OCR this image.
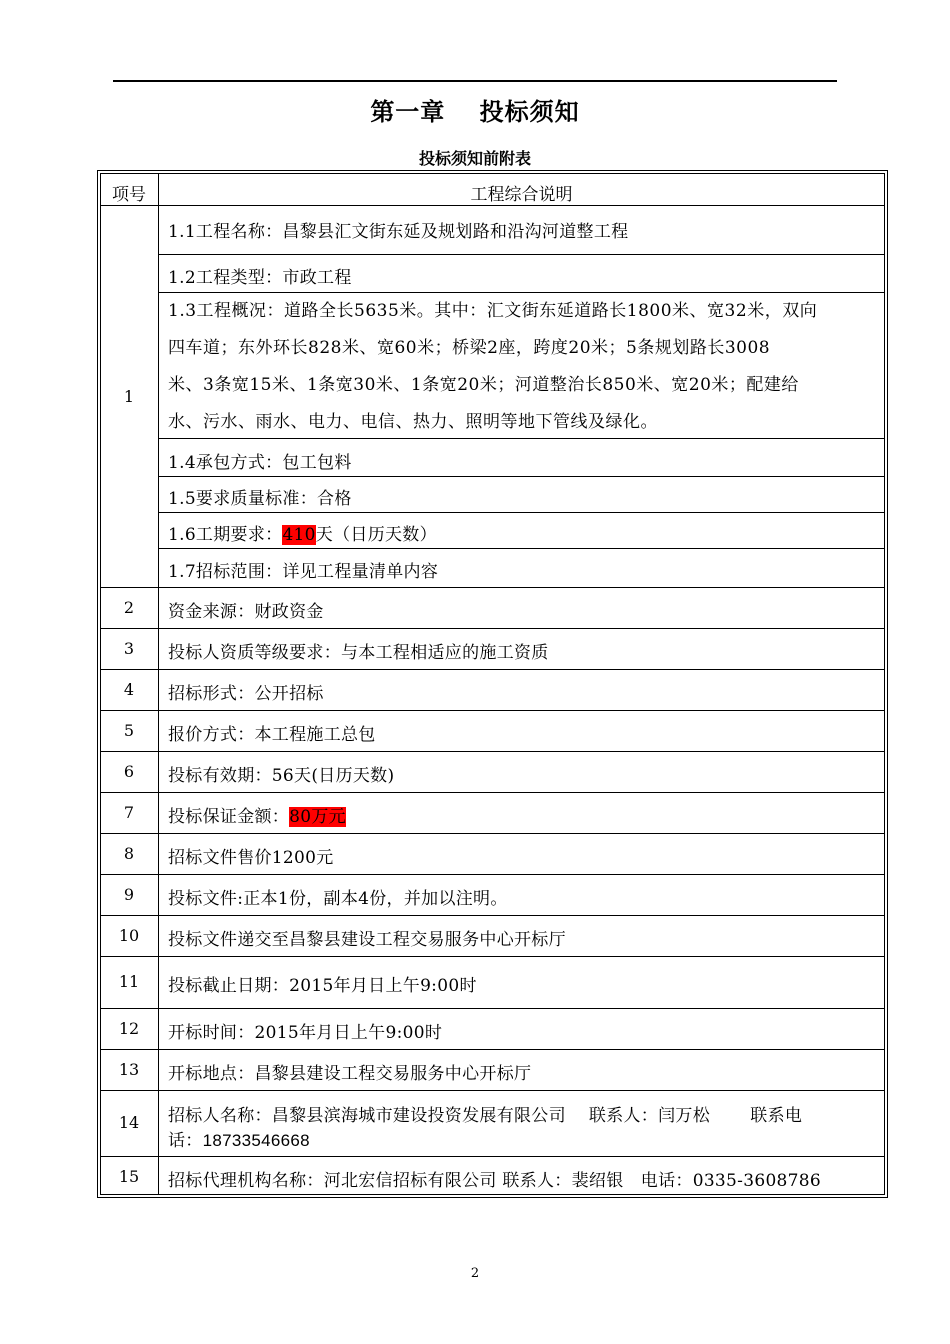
第一章　 投标须知
投标须知前附表
项号	工程综合说明
1
1.1工程名称：昌黎县汇文街东延及规划路和沿沟河道整工程
1.2工程类型：市政工程
1.3工程概况：道路全长5635米。其中：汇文街东延道路长1800米、宽32米，双向
四车道；东外环长828米、宽60米；桥梁2座，跨度20米；5条规划路长3008
米、3条宽15米、1条宽30米、1条宽20米；河道整治长850米、宽20米；配建给
水、污水、雨水、电力、电信、热力、照明等地下管线及绿化。
1.4承包方式：包工包料
1.5要求质量标准：合格
1.6工期要求：410天（日历天数）
1.7招标范围：详见工程量清单内容
2	资金来源：财政资金
3	投标人资质等级要求：与本工程相适应的施工资质
4	招标形式：公开招标
5	报价方式：本工程施工总包
6	投标有效期：56天(日历天数)
7	投标保证金额：80万元
8	招标文件售价1200元
9	投标文件:正本1份，副本4份，并加以注明。
10	投标文件递交至昌黎县建设工程交易服务中心开标厅
11	投标截止日期：2015年月日上午9:00时
12	开标时间：2015年月日上午9:00时
13	开标地点：昌黎县建设工程交易服务中心开标厅
14	招标人名称：昌黎县滨海城市建设投资发展有限公司　 联系人：闫万松　　 联系电
话：18733546668
15	招标代理机构名称：河北宏信招标有限公司 联系人：裴绍银　电话：0335-3608786
2
